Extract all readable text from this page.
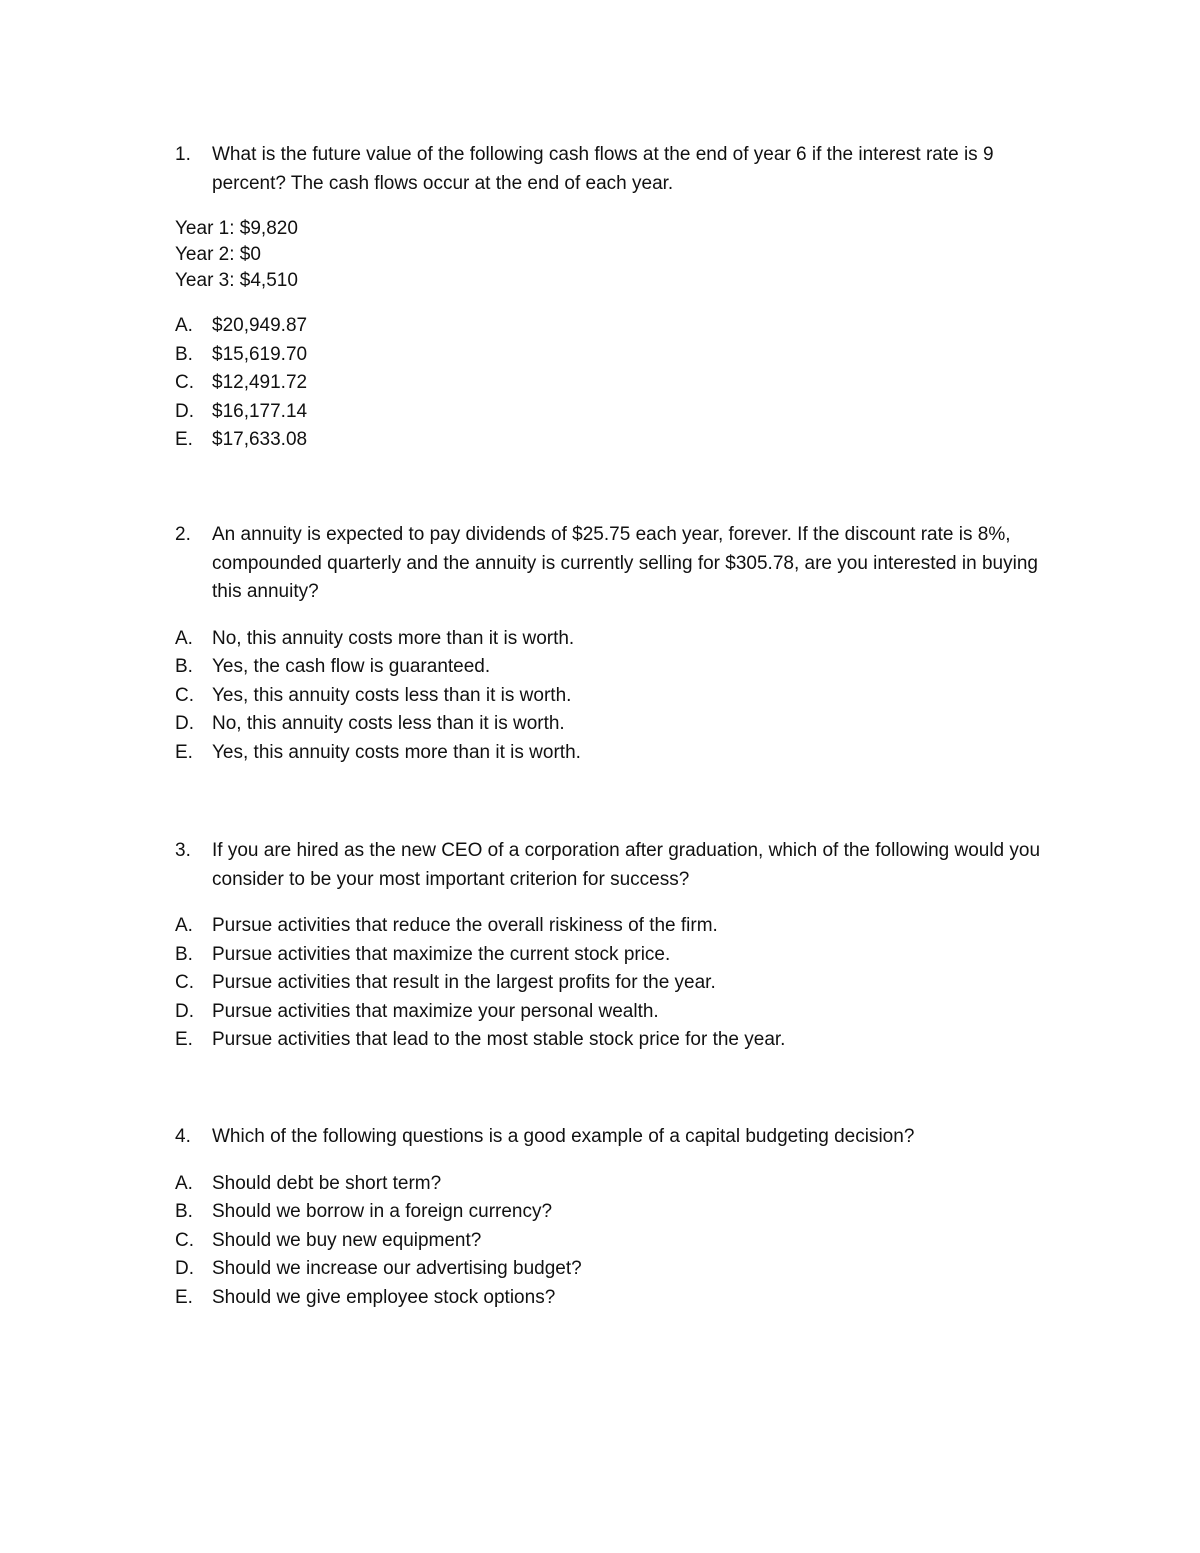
1.	What is the future value of the following cash flows at the end of year 6 if the interest rate is 9 percent? The cash flows occur at the end of each year.
Year 1: $9,820
Year 2: $0
Year 3: $4,510
A.	$20,949.87
B.	$15,619.70
C. $12,491.72
D. $16,177.14
E.	$17,633.08
2.	An annuity is expected to pay dividends of $25.75 each year, forever. If the discount rate is 8%, compounded quarterly and the annuity is currently selling for $305.78, are you interested in buying this annuity?
A.	No, this annuity costs more than it is worth.
B.	Yes, the cash flow is guaranteed.
C. Yes, this annuity costs less than it is worth.
D. No, this annuity costs less than it is worth.
E.	Yes, this annuity costs more than it is worth.
3.	If you are hired as the new CEO of a corporation after graduation, which of the following would you consider to be your most important criterion for success?
A.	Pursue activities that reduce the overall riskiness of the firm.
B.	Pursue activities that maximize the current stock price.
C. Pursue activities that result in the largest profits for the year.
D. Pursue activities that maximize your personal wealth.
E.	Pursue activities that lead to the most stable stock price for the year.
4.	Which of the following questions is a good example of a capital budgeting decision?
A.	Should debt be short term?
B.	Should we borrow in a foreign currency?
C. Should we buy new equipment?
D. Should we increase our advertising budget?
E.	Should we give employee stock options?
